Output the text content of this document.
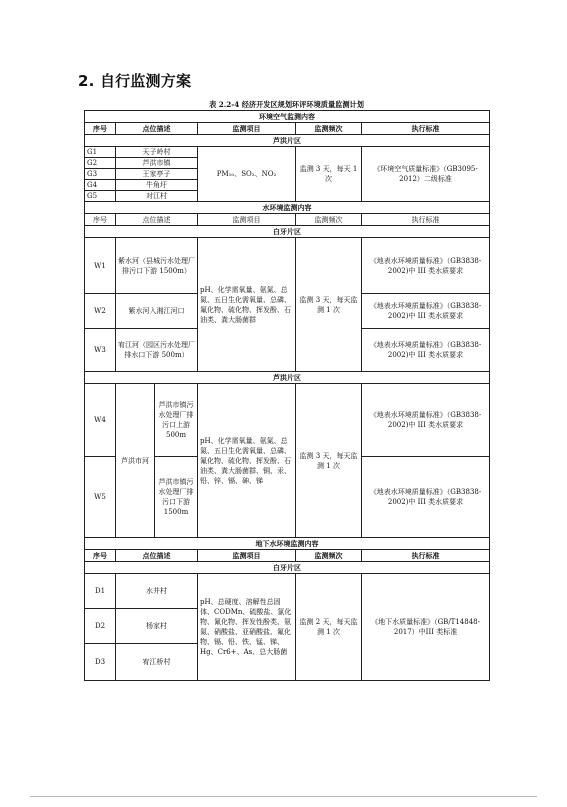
2. 自行监测方案
表 2.2-4 经济开发区规划环评环境质量监测计划
环境空气监测内容					
序号	点位描述		监测项目	监测频次	执行标准
芦洪片区					
G1	天子岭村		PM₁₀、SO₂、NO₂	监测 3 天，每天 1 次	《环境空气质量标准》（GB3095-2012）二级标准
G2	芦洪市镇				
G3	王家亭子				
G4	牛角圩				
G5	对江村				
水环境监测内容					
序号	点位描述		监测项目	监测频次	执行标准
白牙片区					
W1	紫水河（县城污水处理厂排污口下游 1500m）		pH、化学需氧量、氨氮、总氮、五日生化需氧量、总磷、氟化物、硫化物、挥发酚、石油类、粪大肠菌群	监测 3 天，每天监测 1 次	《地表水环境质量标准》（GB3838-2002)中 III 类水质要求
W2	紫水河入湘江河口				《地表水环境质量标准》（GB3838-2002)中 III 类水质要求
W3	宥江河（园区污水处理厂排水口下游 500m）				《地表水环境质量标准》（GB3838-2002)中 III 类水质要求
芦洪片区					
W4	芦洪市河	芦洪市镇污水处理厂排污口上游 500m	pH、化学需氧量、氨氮、总氮、五日生化需氧量、总磷、氟化物、硫化物、挥发酚、石油类、粪大肠菌群、铜、汞、铅、锌、镉、砷、锑	监测 3 天，每天监测 1 次	《地表水环境质量标准》（GB3838-2002)中 III 类水质要求
W5		芦洪市镇污水处理厂排污口下游 1500m			《地表水环境质量标准》（GB3838-2002)中 III 类水质要求
地下水环境监测内容					
序号	点位描述		监测项目	监测频次	执行标准
白牙片区					
D1	水井村		pH、总硬度、溶解性总固体、CODMn、硫酸盐、氯化物、氰化物、挥发性酚类、氨氮、硝酸盐、亚硝酸盐、氟化物、镉、铅、铁、锰、锑、Hg、Cr6+、As、总大肠菌	监测 2 天，每天监测 1 次	《地下水质量标准》（GB/T14848-2017）中III 类标准
D2	杨家村				
D3	宥江桥村				
